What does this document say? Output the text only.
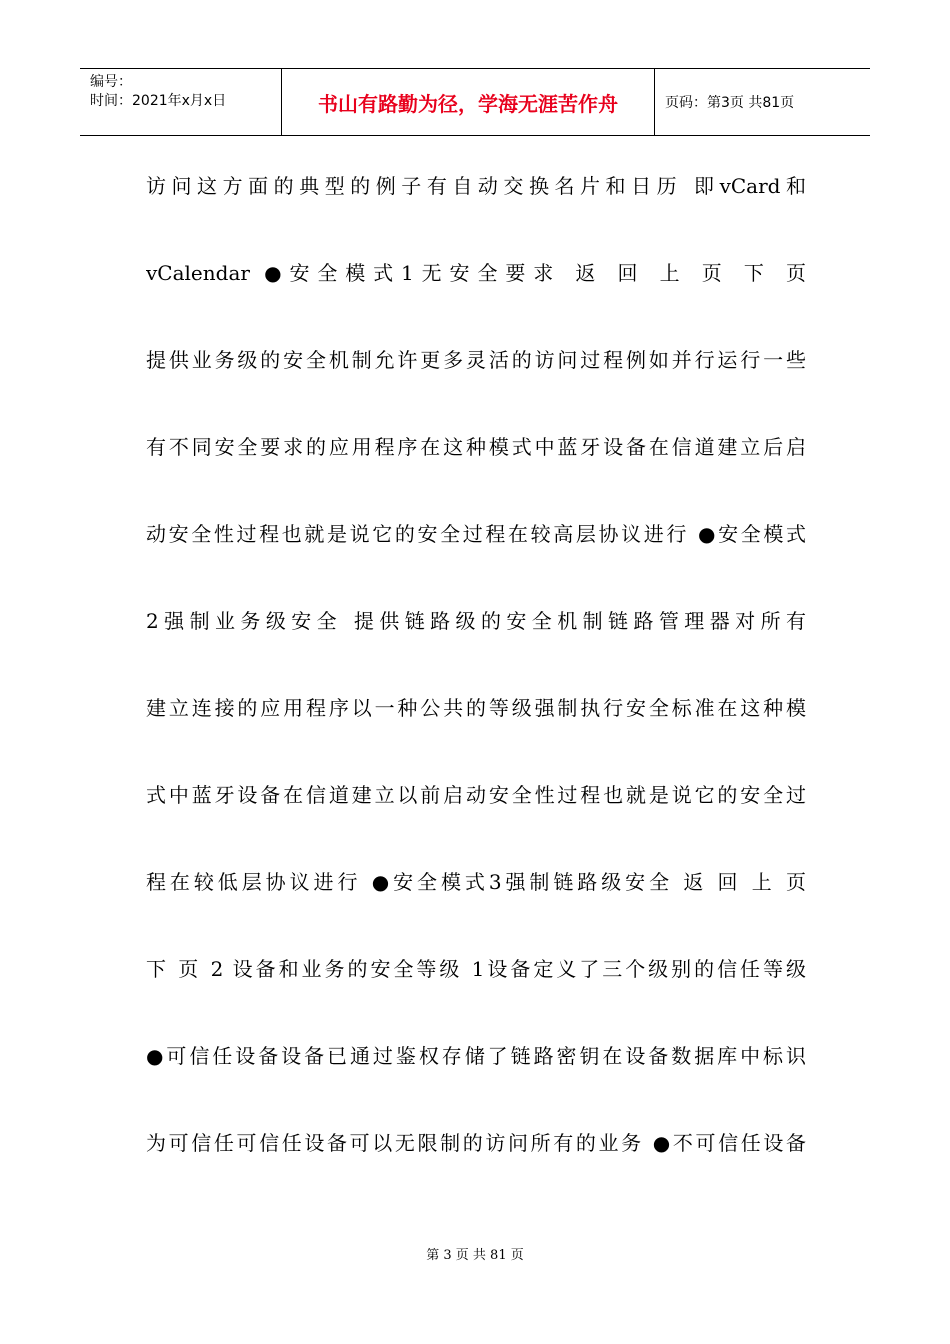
编号：
时间：2021年x月x日	书山有路勤为径，学海无涯苦作舟	页码：第3页 共81页
访问这方面的典型的例子有自动交换名片和日历 即vCard和
vCalendar ●安全模式1无安全要求 返 回 上 页 下 页
提供业务级的安全机制允许更多灵活的访问过程例如并行运行一些
有不同安全要求的应用程序在这种模式中蓝牙设备在信道建立后启
动安全性过程也就是说它的安全过程在较高层协议进行 ●安全模式
2强制业务级安全 提供链路级的安全机制链路管理器对所有
建立连接的应用程序以一种公共的等级强制执行安全标准在这种模
式中蓝牙设备在信道建立以前启动安全性过程也就是说它的安全过
程在较低层协议进行 ●安全模式3强制链路级安全 返 回 上 页
下 页 2 设备和业务的安全等级 1设备定义了三个级别的信任等级
●可信任设备设备已通过鉴权存储了链路密钥在设备数据库中标识
为可信任可信任设备可以无限制的访问所有的业务 ●不可信任设备
第 3 页 共 81 页
